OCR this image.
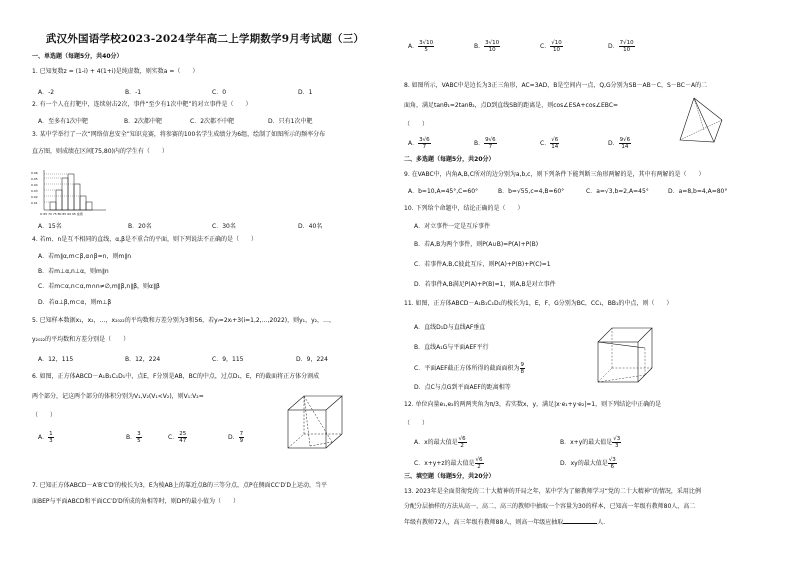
武汉外国语学校2023-2024学年高二上学期数学9月考试题（三）
一、单选题（每题5分，共40分）
1. 已知复数z = (1-i) + 4(1+i)是纯虚数，则实数a =（　　）
A．-2	B．-1	C．0	D．1
2. 有一个人在打靶中，连续射击2次，事件“至少有1次中靶”的对立事件是（　　）
A．至多有1次中靶	B．2次都中靶	C．2次都不中靶	D．只有1次中靶
3. 某中学举行了一次“网络信息安全”知识竞赛，将参赛的100名学生成绩分为6组，绘制了如图所示的频率分布
直方图，则成绩在区间[75,80)内的学生有（　　）
0.06
0.05
0.04
0.03
0.02
0.01
O 65 70 75 80 85 90 95 成绩
A．15名	B．20名	C．30名	D．40名
4. 若m、n是互不相同的直线，α,β是不重合的平面，则下列说法不正确的是（　　）
A．若m∥α,m⊂β,α∩β=n，则m∥n
B．若m⊥α,n⊥α，则m∥n
C．若m⊂α,n⊂α,m∩n≠∅,m∥β,n∥β，则α∥β
D．若α⊥β,m⊂α，则m⊥β
5. 已知样本数据x₁，x₂，…，x₂₀₂₂的平均数和方差分别为3和56，若yᵢ=2xᵢ+3(i=1,2,…,2022)，则y₁，y₂，…，
y₂₀₂₂的平均数和方差分别是（　　）
A．12，115	B．12，224	C．9，115	D．9，224
6. 如图，正方体ABCD－A₁B₁C₁D₁中，点E，F分别是AB，BC的中点，过点D₁，E，F的截面将正方体分割成
两个部分，记这两个部分的体积分别为V₁,V₂(V₁<V₂)，则V₁:V₂=
（　　）
A． $\frac{1}{3}$	B． $\frac{3}{5}$	C． $\frac{25}{47}$	D． $\frac{7}{9}$
7. 已知正方体ABCD－A′B′C′D′的棱长为3，E为棱AB上的靠近点B的三等分点，点P在侧面CC′D′D上运动，当平
面BEP与平面ABCD和平面CC′D′D所成的角相等时，则DP的最小值为（　　）
A． $\frac{3√10}{5}$	B． $\frac{3√10}{10}$	C． $\frac{√10}{10}$	D． $\frac{7√10}{10}$
8. 如图所示，VABC中是边长为3正三角形，AC=3AD，B是空间内一点，Q,G分别为SB－AB－C，S－BC－A的二
面角，满足tanθ₁=2tanθ₂，点D到直线SB的距离是，则cos∠ESA+cos∠EBC=
（　　）
A． $\frac{3√6}{7}$	B． $\frac{9√6}{7}$	C． $\frac{√6}{14}$	D． $\frac{9√6}{14}$
二、多选题（每题5分，共20分）
9. 在VABC中，内角A,B,C所对的边分别为a,b,c，则下列条件下能判断三角形两解的是，其中有两解的是（　　）
A．b=10,A=45°,C=60°	B．b=√55,c=4,B=60°	C．a=√3,b=2,A=45°	D．a=8,b=4,A=80°
10. 下列给个命题中，结论正确的是（　　）
A．对立事件一定是互斥事件
B．若A,B为两个事件，则P(A∪B)=P(A)+P(B)
C．若事件A,B,C彼此互斥，则P(A)+P(B)+P(C)=1
D．若事件A,B满足P(A)+P(B)=1，则A,B是对立事件
11. 如图，正方体ABCD－A₁B₁C₁D₁的棱长为1，E，F，G分别为BC，CC₁，BB₁的中点，则（　　）
A．直线D₁D与直线AF垂直
B．直线A₁G与平面AEF平行
C．平面AEF截正方体所得的截面面积为 $\frac{9}{8}$
D．点C与点G到平面AEF的距离相等
12. 单位向量e₁,e₂的两两夹角为π/3，若实数x，y，满足|x·e₁+y·e₂|=1，则下列结论中正确的是
（　　）
A．x的最大值是 $\frac{√6}{2}$	B．x+y的最大值是 $\frac{√3}{3}$
C．x+y+z的最大值是 $\frac{√6}{2}$	D．xy的最大值是 $\frac{√3}{6}$
三、填空题（每题5分，共20分）
13. 2023年是全面贯彻党的二十大精神的开局之年，某中学为了解教师学习“党的二十大精神”的情况，采用比例
分配分层抽样的方法从高一、高二、高三的教师中抽取一个容量为30的样本，已知高一年级有教师80人，高二
年级有教师72人，高三年级有教师88人，则高一年级应抽取	人．
